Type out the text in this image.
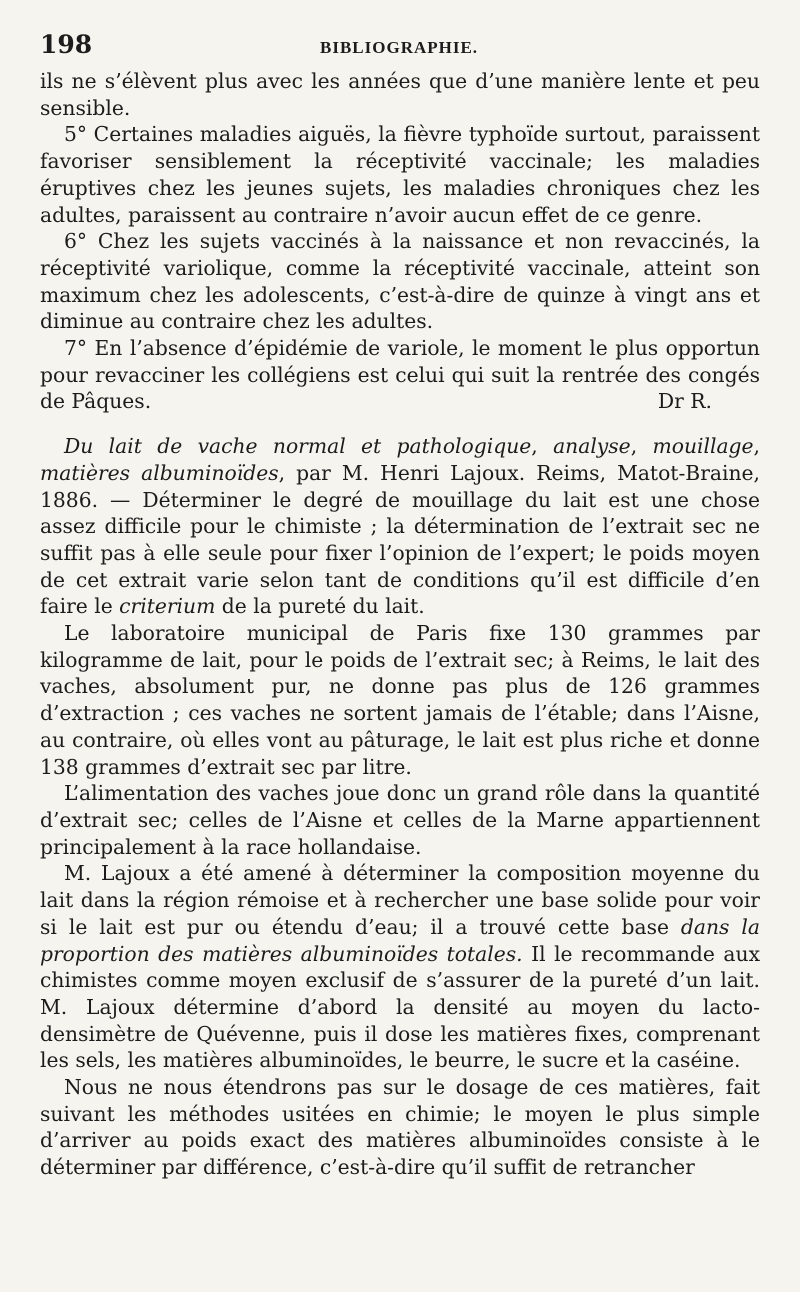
198	BIBLIOGRAPHIE.

ils ne s’élèvent plus avec les années que d’une manière lente et peu sensible.

5° Certaines maladies aiguës, la fièvre typhoïde surtout, paraissent favoriser sensiblement la réceptivité vaccinale; les maladies éruptives chez les jeunes sujets, les maladies chroniques chez les adultes, paraissent au contraire n’avoir aucun effet de ce genre.

6° Chez les sujets vaccinés à la naissance et non revaccinés, la réceptivité variolique, comme la réceptivité vaccinale, atteint son maximum chez les adolescents, c’est-à-dire de quinze à vingt ans et diminue au contraire chez les adultes.

7° En l’absence d’épidémie de variole, le moment le plus opportun pour revacciner les collégiens est celui qui suit la rentrée des congés de Pâques.	Dr R.

Du lait de vache normal et pathologique, analyse, mouillage, matières albuminoïdes, par M. Henri Lajoux. Reims, Matot-Braine, 1886. — Déterminer le degré de mouillage du lait est une chose assez difficile pour le chimiste ; la détermination de l’extrait sec ne suffit pas à elle seule pour fixer l’opinion de l’expert; le poids moyen de cet extrait varie selon tant de conditions qu’il est difficile d’en faire le criterium de la pureté du lait.

Le laboratoire municipal de Paris fixe 130 grammes par kilogramme de lait, pour le poids de l’extrait sec; à Reims, le lait des vaches, absolument pur, ne donne pas plus de 126 grammes d’extraction ; ces vaches ne sortent jamais de l’étable; dans l’Aisne, au contraire, où elles vont au pâturage, le lait est plus riche et donne 138 grammes d’extrait sec par litre.

L’alimentation des vaches joue donc un grand rôle dans la quantité d’extrait sec; celles de l’Aisne et celles de la Marne appartiennent principalement à la race hollandaise.

M. Lajoux a été amené à déterminer la composition moyenne du lait dans la région rémoise et à rechercher une base solide pour voir si le lait est pur ou étendu d’eau; il a trouvé cette base dans la proportion des matières albuminoïdes totales. Il le recommande aux chimistes comme moyen exclusif de s’assurer de la pureté d’un lait. M. Lajoux détermine d’abord la densité au moyen du lacto-densimètre de Quévenne, puis il dose les matières fixes, comprenant les sels, les matières albuminoïdes, le beurre, le sucre et la caséine.

Nous ne nous étendrons pas sur le dosage de ces matières, fait suivant les méthodes usitées en chimie; le moyen le plus simple d’arriver au poids exact des matières albuminoïdes consiste à le déterminer par différence, c’est-à-dire qu’il suffit de retrancher
